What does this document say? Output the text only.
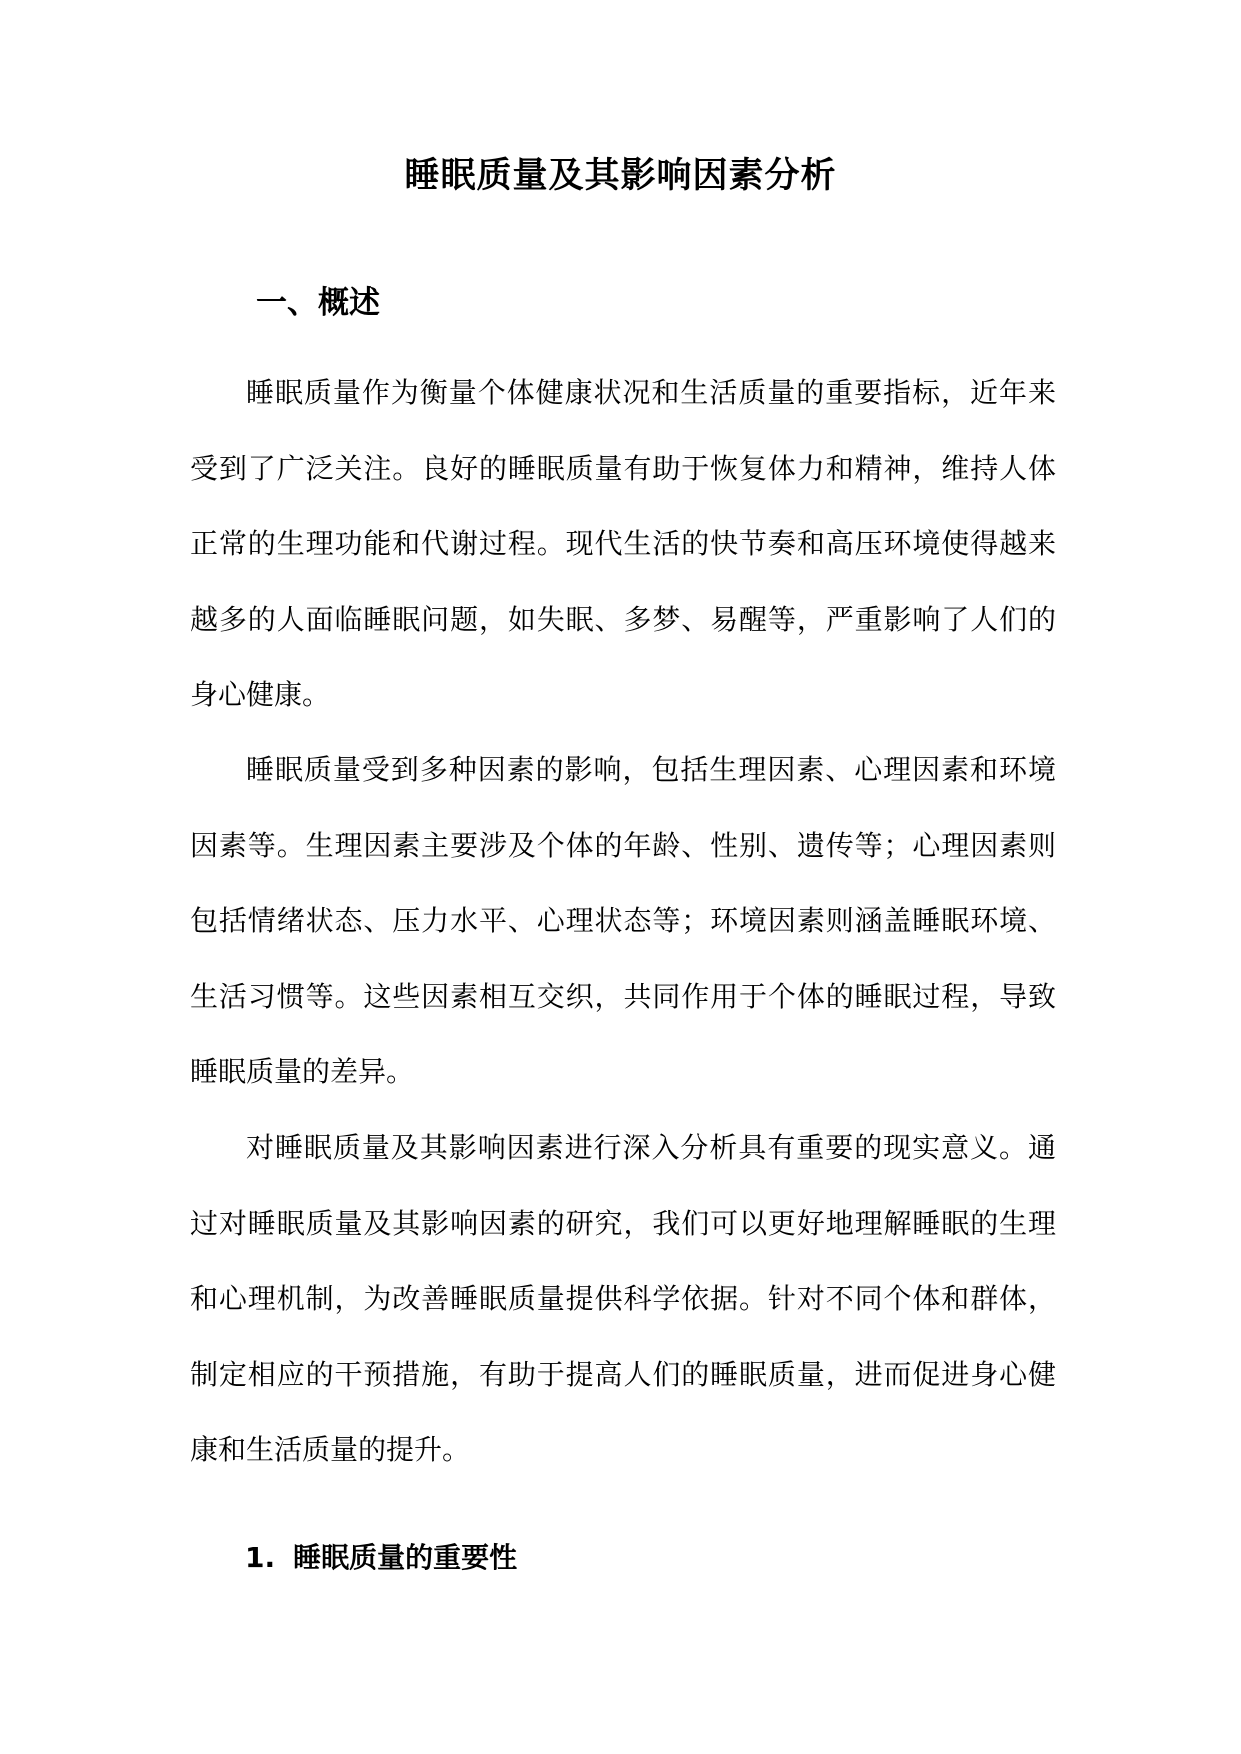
睡眠质量及其影响因素分析
一、概述

睡眠质量作为衡量个体健康状况和生活质量的重要指标，近年来受到了广泛关注。良好的睡眠质量有助于恢复体力和精神，维持人体正常的生理功能和代谢过程。现代生活的快节奏和高压环境使得越来越多的人面临睡眠问题，如失眠、多梦、易醒等，严重影响了人们的身心健康。

睡眠质量受到多种因素的影响，包括生理因素、心理因素和环境因素等。生理因素主要涉及个体的年龄、性别、遗传等；心理因素则包括情绪状态、压力水平、心理状态等；环境因素则涵盖睡眠环境、生活习惯等。这些因素相互交织，共同作用于个体的睡眠过程，导致睡眠质量的差异。

对睡眠质量及其影响因素进行深入分析具有重要的现实意义。通过对睡眠质量及其影响因素的研究，我们可以更好地理解睡眠的生理和心理机制，为改善睡眠质量提供科学依据。针对不同个体和群体，制定相应的干预措施，有助于提高人们的睡眠质量，进而促进身心健康和生活质量的提升。

1. 睡眠质量的重要性
